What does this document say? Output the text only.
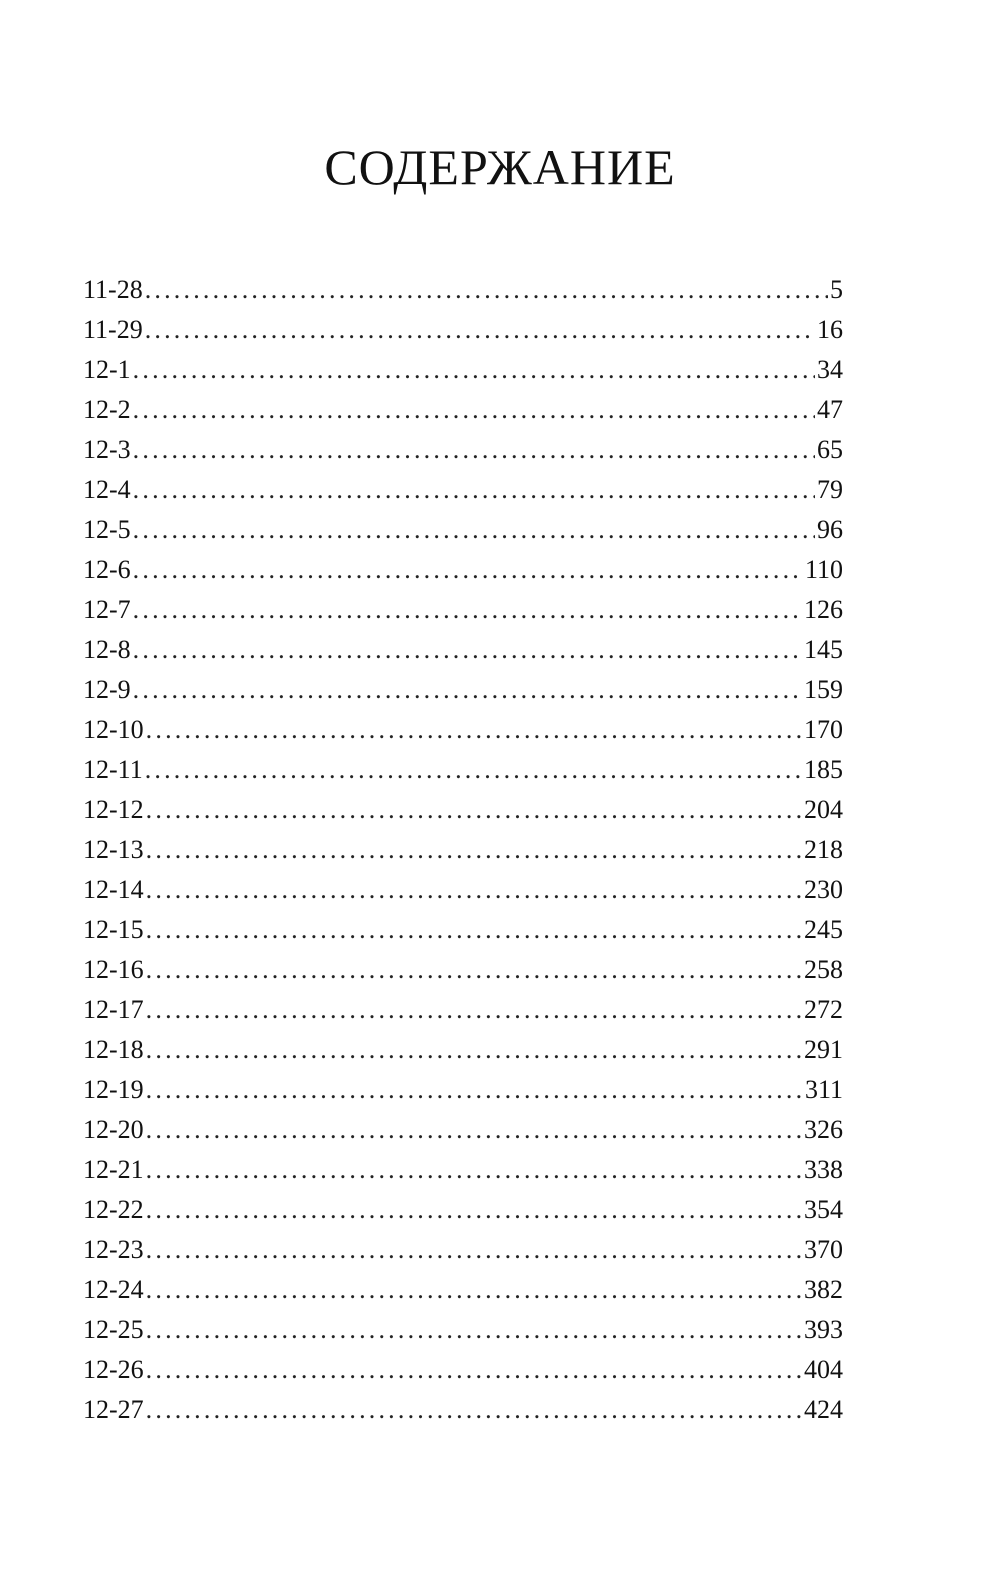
СОДЕРЖАНИЕ
11-28 .....	5
11-29 .....	16
12-1 .....	34
12-2 .....	47
12-3 .....	65
12-4 .....	79
12-5 .....	96
12-6 .....	110
12-7 .....	126
12-8 .....	145
12-9 .....	159
12-10 .....	170
12-11 .....	185
12-12 .....	204
12-13 .....	218
12-14 .....	230
12-15 .....	245
12-16 .....	258
12-17 .....	272
12-18 .....	291
12-19 .....	311
12-20 .....	326
12-21 .....	338
12-22 .....	354
12-23 .....	370
12-24 .....	382
12-25 .....	393
12-26 .....	404
12-27 .....	424
